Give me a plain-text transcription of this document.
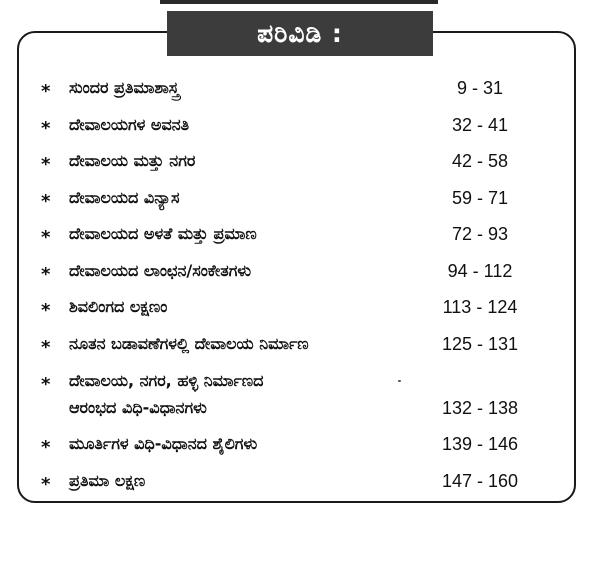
ಪರಿವಿಡಿ :
* ಸುಂದರ ಪ್ರತಿಮಾಶಾಸ್ತ್ರ	9 - 31
* ದೇವಾಲಯಗಳ ಅವನತಿ	32 - 41
* ದೇವಾಲಯ ಮತ್ತು ನಗರ	42 - 58
* ದೇವಾಲಯದ ವಿನ್ಯಾಸ	59 - 71
* ದೇವಾಲಯದ ಅಳತೆ ಮತ್ತು ಪ್ರಮಾಣ	72 - 93
* ದೇವಾಲಯದ ಲಾಂಛನ/ಸಂಕೇತಗಳು	94 - 112
* ಶಿವಲಿಂಗದ ಲಕ್ಷಣಂ	113 - 124
* ನೂತನ ಬಡಾವಣೆಗಳಲ್ಲಿ ದೇವಾಲಯ ನಿರ್ಮಾಣ	125 - 131
* ದೇವಾಲಯ, ನಗರ, ಹಳ್ಳಿ ನಿರ್ಮಾಣದ
ಆರಂಭದ ವಿಧಿ-ವಿಧಾನಗಳು	132 - 138
* ಮೂರ್ತಿಗಳ ವಿಧಿ-ವಿಧಾನದ ಶೈಲಿಗಳು	139 - 146
* ಪ್ರತಿಮಾ ಲಕ್ಷಣ	147 - 160
